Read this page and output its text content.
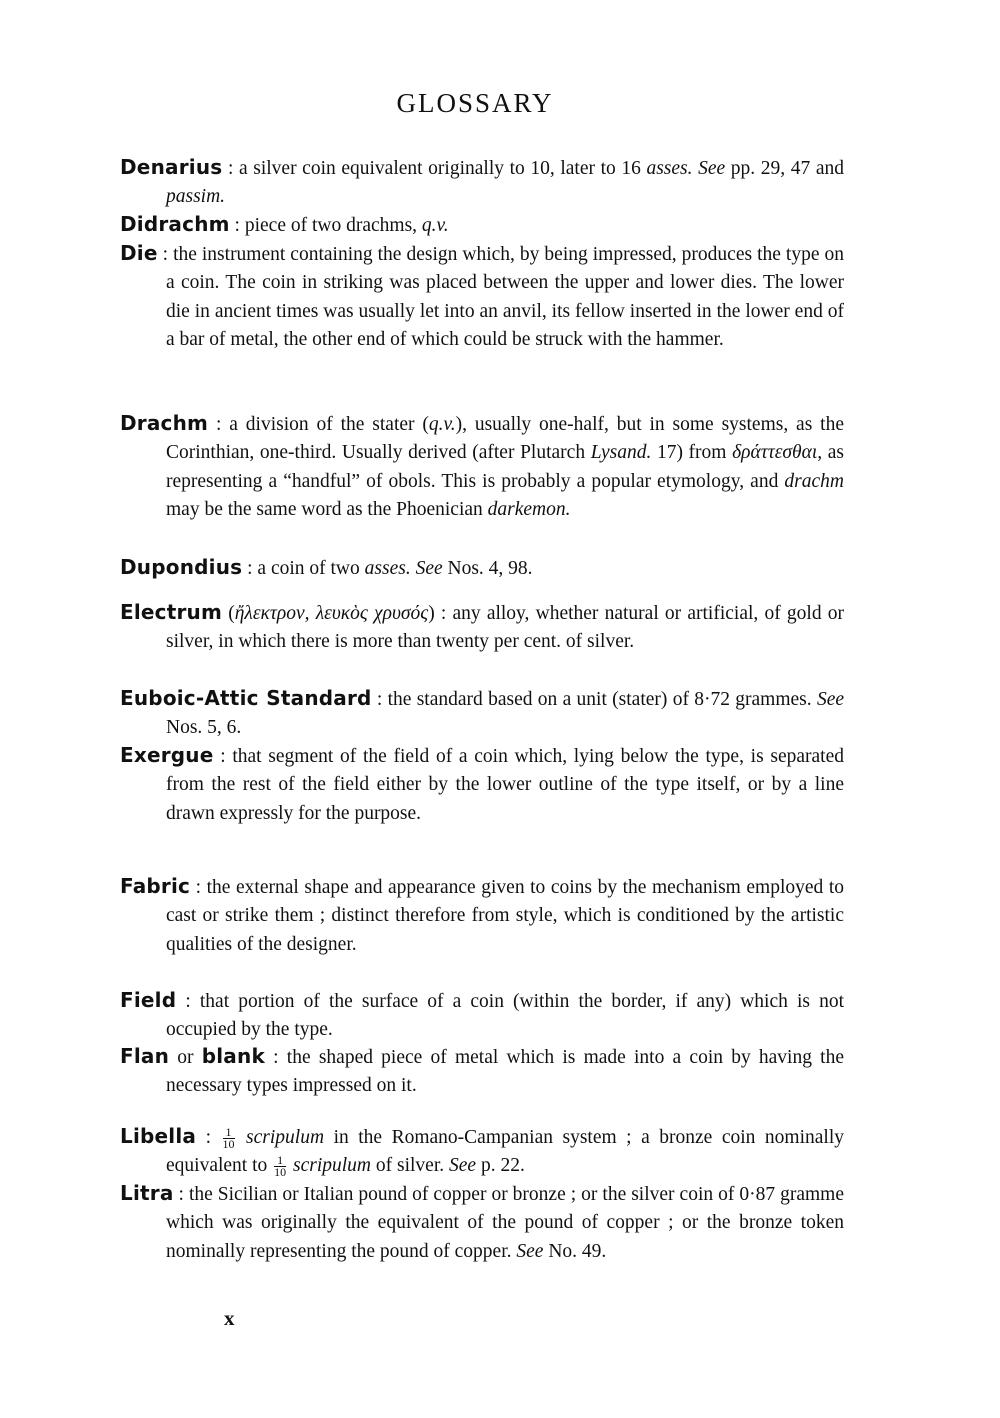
GLOSSARY
Denarius : a silver coin equivalent originally to 10, later to 16 asses. See pp. 29, 47 and passim.
Didrachm : piece of two drachms, q.v.
Die : the instrument containing the design which, by being impressed, produces the type on a coin. The coin in striking was placed between the upper and lower dies. The lower die in ancient times was usually let into an anvil, its fellow inserted in the lower end of a bar of metal, the other end of which could be struck with the hammer.
Drachm : a division of the stater (q.v.), usually one-half, but in some systems, as the Corinthian, one-third. Usually derived (after Plutarch Lysand. 17) from δράττεσθαι, as representing a “handful” of obols. This is probably a popular etymology, and drachm may be the same word as the Phoenician darkemon.
Dupondius : a coin of two asses. See Nos. 4, 98.
Electrum (ἤλεκτρον, λευκὸς χρυσός) : any alloy, whether natural or artificial, of gold or silver, in which there is more than twenty per cent. of silver.
Euboic-Attic Standard : the standard based on a unit (stater) of 8·72 grammes. See Nos. 5, 6.
Exergue : that segment of the field of a coin which, lying below the type, is separated from the rest of the field either by the lower outline of the type itself, or by a line drawn expressly for the purpose.
Fabric : the external shape and appearance given to coins by the mechanism employed to cast or strike them ; distinct therefore from style, which is conditioned by the artistic qualities of the designer.
Field : that portion of the surface of a coin (within the border, if any) which is not occupied by the type.
Flan or blank : the shaped piece of metal which is made into a coin by having the necessary types impressed on it.
Libella : $\frac{1}{10}$ scripulum in the Romano-Campanian system ; a bronze coin nominally equivalent to $\frac{1}{10}$ scripulum of silver. See p. 22.
Litra : the Sicilian or Italian pound of copper or bronze ; or the silver coin of 0·87 gramme which was originally the equivalent of the pound of copper ; or the bronze token nominally representing the pound of copper. See No. 49.
x
